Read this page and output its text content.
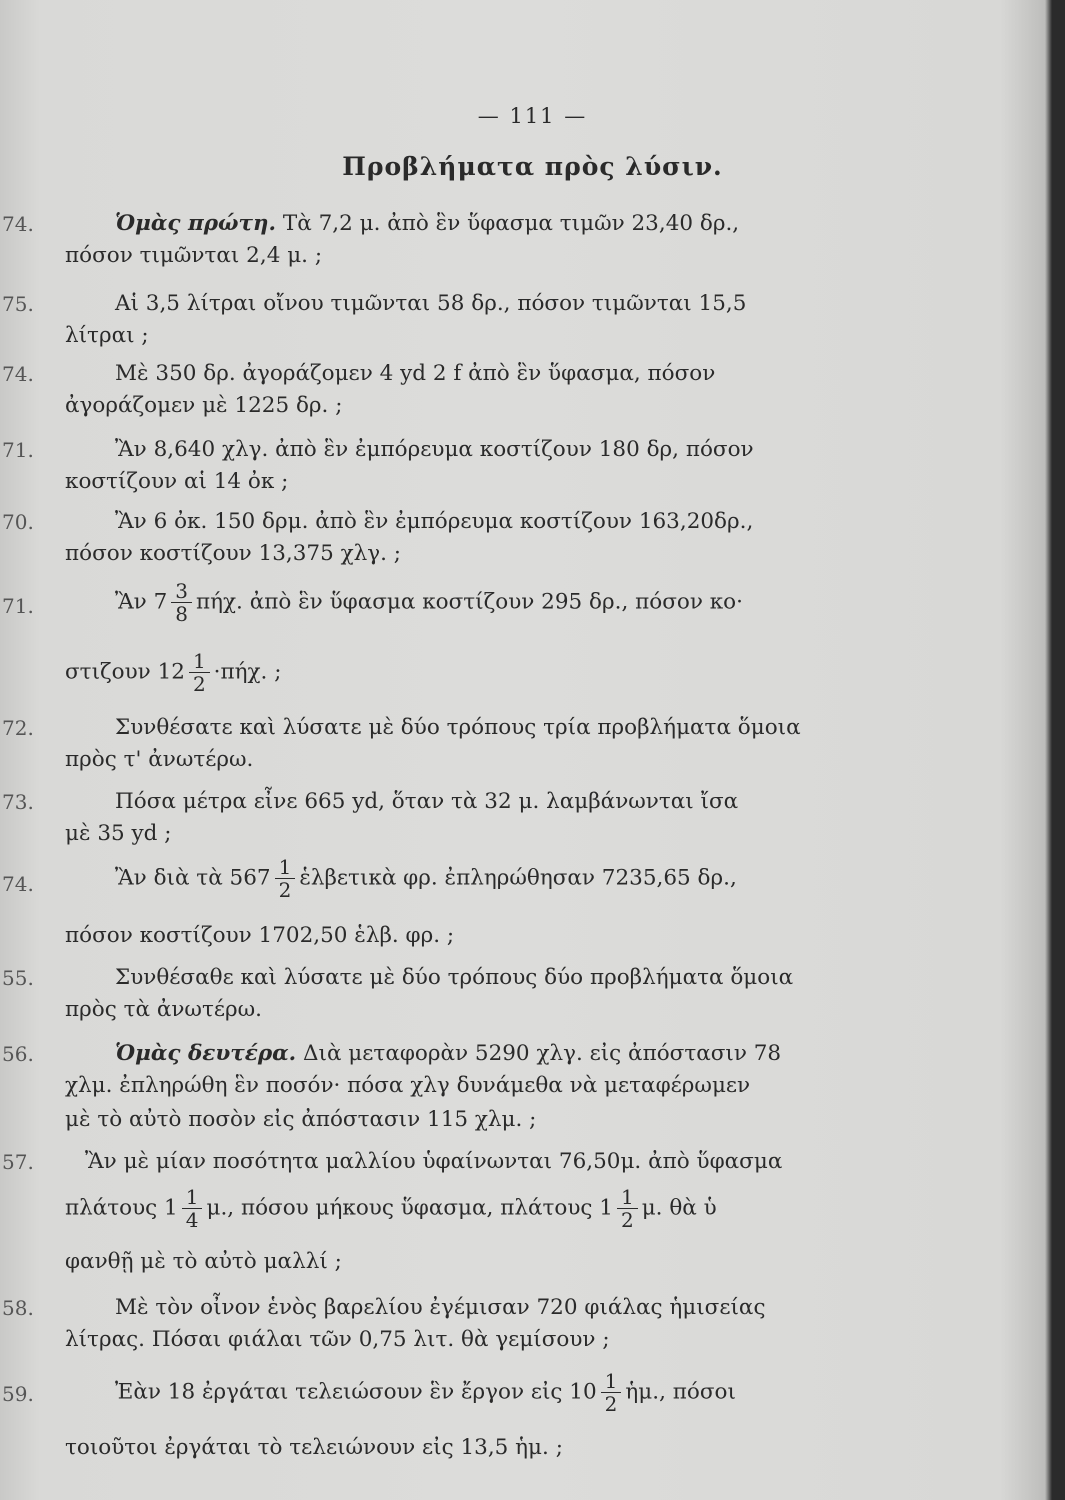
— 111 —
Προβλήματα πρὸς λύσιν.
74.	Ὁμὰς πρώτη. Τὰ 7,2 μ. ἀπὸ ἓν ὕφασμα τιμῶν 23,40 δρ.,
πόσον τιμῶνται 2,4 μ. ;
75.	Αἱ 3,5 λίτραι οἴνου τιμῶνται 58 δρ., πόσον τιμῶνται 15,5
λίτραι ;
74.	Μὲ 350 δρ. ἀγοράζομεν 4 yd 2 f ἀπὸ ἓν ὕφασμα, πόσον
ἀγοράζομεν μὲ 1225 δρ. ;
71.	Ἂν 8,640 χλγ. ἀπὸ ἓν ἐμπόρευμα κοστίζουν 180 δρ, πόσον
κοστίζουν αἱ 14 ὀκ ;
70.	Ἂν 6 ὀκ. 150 δρμ. ἀπὸ ἓν ἐμπόρευμα κοστίζουν 163,20δρ.,
πόσον κοστίζουν 13,375 χλγ. ;
71.	Ἂν $7 \frac{3}{8} \pi ή\chi$. ἀπὸ ἓν ὕφασμα κοστίζουν 295 δρ., πόσον κο·
στιζουν $12 \frac{1}{2} \cdot\pi ή\chi$. ;
72.	Συνθέσατε καὶ λύσατε μὲ δύο τρόπους τρία προβλήματα ὅμοια
πρὸς τ' ἀνωτέρω.
73.	Πόσα μέτρα εἶνε 665 yd, ὅταν τὰ 32 μ. λαμβάνωνται ἴσα
μὲ 35 yd ;
74.	Ἂν διὰ τὰ $567 \frac{1}{2}$ ἑλβετικὰ φρ. ἐπληρώθησαν 7235,65 δρ.,
πόσον κοστίζουν 1702,50 ἑλβ. φρ. ;
55.	Συνθέσαθε καὶ λύσατε μὲ δύο τρόπους δύο προβλήματα ὅμοια
πρὸς τὰ ἀνωτέρω.
56.	Ὁμὰς δευτέρα. Διὰ μεταφορὰν 5290 χλγ. εἰς ἀπόστασιν 78
χλμ. ἐπληρώθη ἓν ποσόν· πόσα χλγ δυνάμεθα νὰ μεταφέρωμεν
μὲ τὸ αὐτὸ ποσὸν εἰς ἀπόστασιν 115 χλμ. ;
57.	Ἂν μὲ μίαν ποσότητα μαλλίου ὑφαίνωνται 76,50μ. ἀπὸ ὕφασμα
πλάτους $1 \frac{1}{4} \mu$., πόσου μήκους ὕφασμα, πλάτους $1 \frac{1}{2} \mu$. θὰ ὑ
φανθῇ μὲ τὸ αὐτὸ μαλλί ;
58.	Μὲ τὸν οἶνον ἑνὸς βαρελίου ἐγέμισαν 720 φιάλας ἡμισείας
λίτρας. Πόσαι φιάλαι τῶν 0,75 λιτ. θὰ γεμίσουν ;
59.	Ἐὰν 18 ἐργάται τελειώσουν ἓν ἔργον εἰς $10 \frac{1}{2}$ ἡμ., πόσοι
τοιοῦτοι ἐργάται τὸ τελειώνουν εἰς 13,5 ἡμ. ;
